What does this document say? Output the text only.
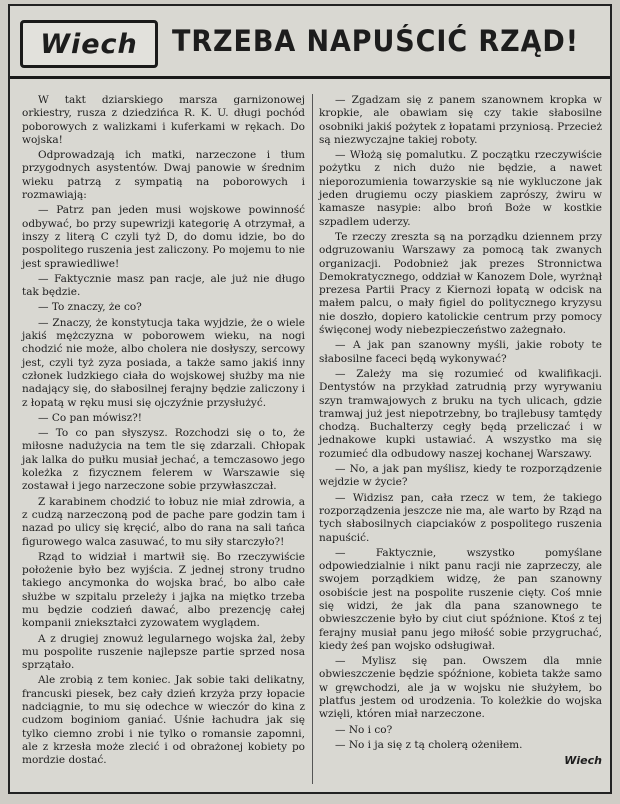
Wiech	TRZEBA NAPUŚCIĆ RZĄD!

W takt dziarskiego marsza garnizonowej orkiestry, rusza z dziedzińca R. K. U. długi pochód poborowych z walizkami i kuferkami w rękach. Do wojska!

Odprowadzają ich matki, narzeczone i tłum przygodnych asystentów. Dwaj panowie w średnim wieku patrzą z sympatią na poborowych i rozmawiają:

— Patrz pan jeden musi wojskowe powinność odbywać, bo przy supewrizji kategorię A otrzymał, a inszy z literą C czyli tyż D, do domu idzie, bo do pospolitego ruszenia jest zaliczony. Po mojemu to nie jest sprawiedliwe!

— Faktycznie masz pan racje, ale już nie długo tak będzie.

— To znaczy, że co?

— Znaczy, że konstytucja taka wyjdzie, że o wiele jakiś mężczyzna w poborowem wieku, na nogi chodzić nie może, albo cholera nie dosłyszy, sercowy jest, czyli tyż zyza posiada, a także samo jakiś inny członek ludzkiego ciała do wojskowej służby ma nie nadający się, do słabosilnej ferajny będzie zaliczony i z łopatą w ręku musi się ojczyźnie przysłużyć.

— Co pan mówisz?!

— To co pan słyszysz. Rozchodzi się o to, że miłosne nadużycia na tem tle się zdarzali. Chłopak jak lalka do pułku musiał jechać, a temczasowo jego koleżka z fizycznem felerem w Warszawie się zostawał i jego narzeczone sobie przywłaszczał.

Z karabinem chodzić to łobuz nie miał zdrowia, a z cudzą narzeczoną pod de pache pare godzin tam i nazad po ulicy się kręcić, albo do rana na sali tańca figurowego walca zasuwać, to mu siły starczyło?!

Rząd to widział i martwił się. Bo rzeczywiście położenie było bez wyjścia. Z jednej strony trudno takiego ancymonka do wojska brać, bo albo całe służbe w szpitalu przeleży i jajka na miętko trzeba mu będzie codzień dawać, albo prezencję całej kompanii zniekształci zyzowatem wyglądem.

A z drugiej znowuż legularnego wojska żal, żeby mu pospolite ruszenie najlepsze partie sprzed nosa sprzątało.

Ale zrobią z tem koniec. Jak sobie taki delikatny, francuski piesek, bez cały dzień krzyża przy łopacie nadciągnie, to mu się odechce w wieczór do kina z cudzom boginiom ganiać. Uśnie łachudra jak się tylko ciemno zrobi i nie tylko o romansie zapomni, ale z krzesła może zlecić i od obrażonej kobiety po mordzie dostać.

— Zgadzam się z panem szanownem kropka w kropkie, ale obawiam się czy takie słabosilne osobniki jakiś pożytek z łopatami przyniosą. Przecież są niezwyczajne takiej roboty.

— Włożą się pomalutku. Z początku rzeczywiście pożytku z nich dużo nie będzie, a nawet nieporozumienia towarzyskie są nie wykluczone jak jeden drugiemu oczy piaskiem zaprószy, żwiru w kamasze nasypie: albo broń Boże w kostkie szpadlem uderzy.

Te rzeczy zreszta są na porządku dziennem przy odgruzowaniu Warszawy za pomocą tak zwanych organizacji. Podobnież jak prezes Stronnictwa Demokratycznego, oddział w Kanozem Dole, wyrżnął prezesa Partii Pracy z Kiernozi łopatą w odcisk na małem palcu, o mały figiel do politycznego kryzysu nie doszło, dopiero katolickie centrum przy pomocy święconej wody niebezpieczeństwo zażegnało.

— A jak pan szanowny myśli, jakie roboty te słabosilne faceci będą wykonywać?

— Zależy ma się rozumieć od kwalifikacji. Dentystów na przykład zatrudnią przy wyrywaniu szyn tramwajowych z bruku na tych ulicach, gdzie tramwaj już jest niepotrzebny, bo trajlebusy tamtędy chodzą. Buchalterzy cegły będą przeliczać i w jednakowe kupki ustawiać. A wszystko ma się rozumieć dla odbudowy naszej kochanej Warszawy.

— No, a jak pan myślisz, kiedy te rozporządzenie wejdzie w życie?

— Widzisz pan, cała rzecz w tem, że takiego rozporządzenia jeszcze nie ma, ale warto by Rząd na tych słabosilnych ciapciaków z pospolitego ruszenia napuścić.

— Faktycznie, wszystko pomyślane odpowiedzialnie i nikt panu racji nie zaprzeczy, ale swojem porządkiem widzę, że pan szanowny osobiście jest na pospolite ruszenie cięty. Coś mnie się widzi, że jak dla pana szanownego te obwieszczenie było by ciut ciut spóźnione. Ktoś z tej ferajny musiał panu jego miłość sobie przygruchać, kiedy żeś pan wojsko odsługiwał.

— Mylisz się pan. Owszem dla mnie obwieszczenie będzie spóźnione, kobieta także samo w gręwchodzi, ale ja w wojsku nie służyłem, bo platfus jestem od urodzenia. To koleżkie do wojska wzięli, któren miał narzeczone.

— No i co?

— No i ja się z tą cholerą ożeniłem.

Wiech
